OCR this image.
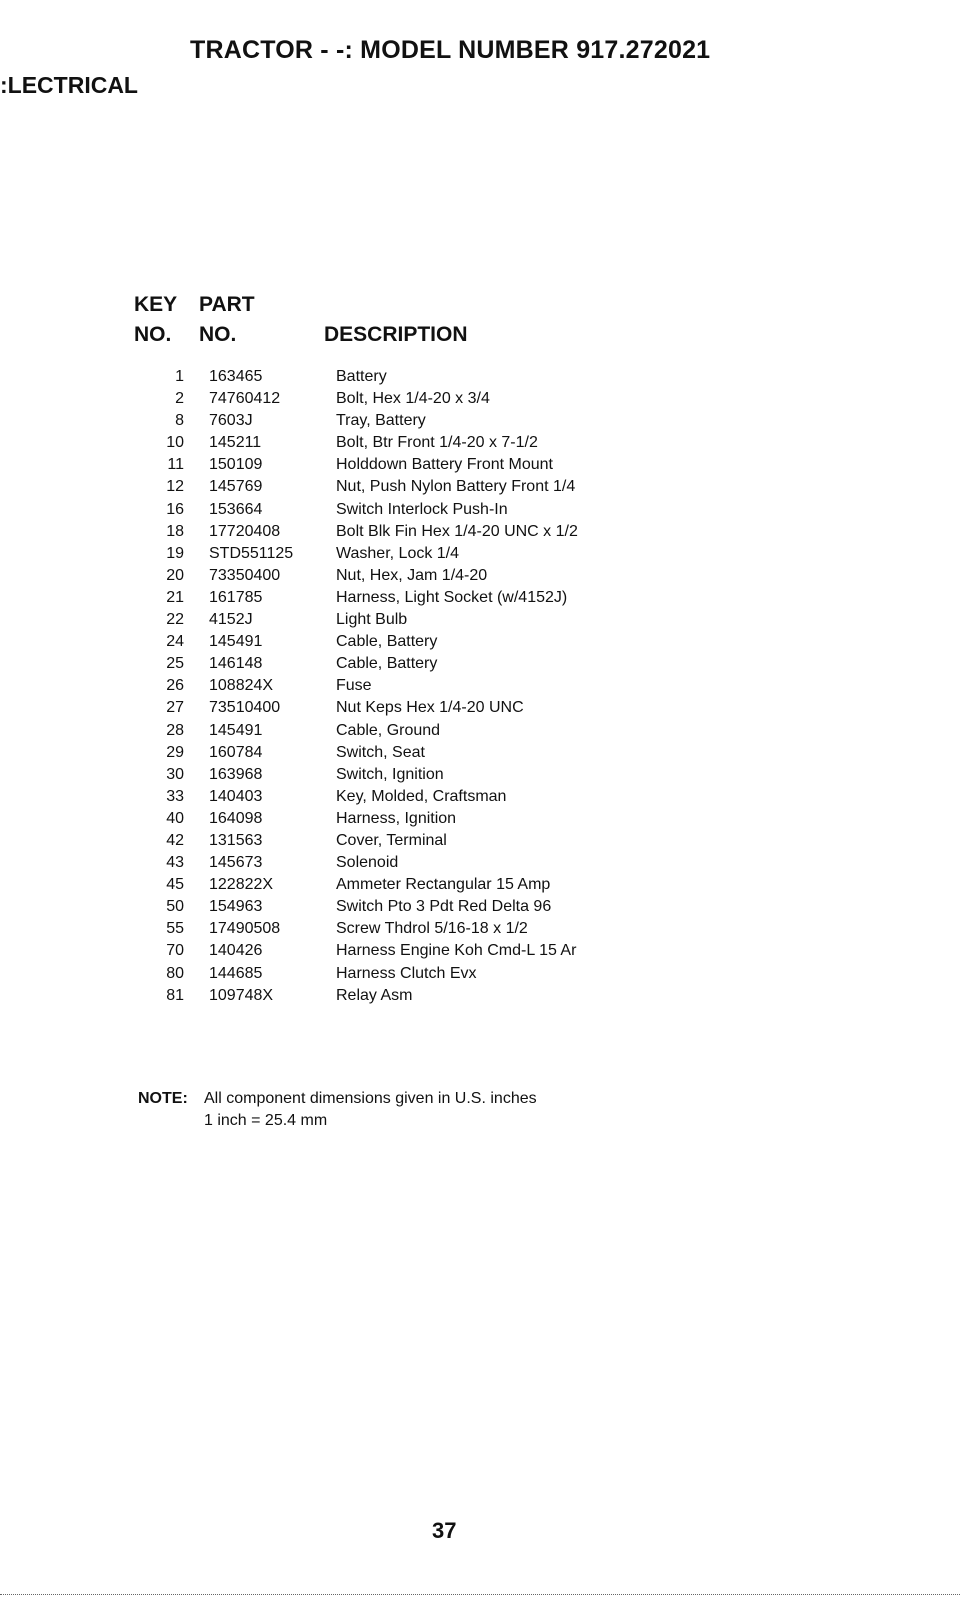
TRACTOR - -: MODEL NUMBER 917.272021
:LECTRICAL
KEY
NO.
PART
NO.	DESCRIPTION
1 163465	Battery
2 74760412	Bolt, Hex 1/4-20 x 3/4
8 7603J	Tray, Battery
10 145211	Bolt, Btr Front 1/4-20 x 7-1/2
11 150109	Holddown Battery Front Mount
12 145769	Nut, Push Nylon Battery Front 1/4
16 153664	Switch Interlock Push-In
18 17720408	Bolt Blk Fin Hex 1/4-20 UNC x 1/2
19 STD551125	Washer, Lock 1/4
20 73350400	Nut, Hex, Jam 1/4-20
21 161785	Harness, Light Socket (w/4152J)
22 4152J	Light Bulb
24 145491	Cable, Battery
25 146148	Cable, Battery
26 108824X	Fuse
27 73510400	Nut Keps Hex 1/4-20 UNC
28 145491	Cable, Ground
29 160784	Switch, Seat
30 163968	Switch, Ignition
33 140403	Key, Molded, Craftsman
40 164098	Harness, Ignition
42 131563	Cover, Terminal
43 145673	Solenoid
45 122822X	Ammeter Rectangular 15 Amp
50 154963	Switch Pto 3 Pdt Red Delta 96
55 17490508	Screw Thdrol 5/16-18 x 1/2
70 140426	Harness Engine Koh Cmd-L 15 Ar
80 144685	Harness Clutch Evx
81 109748X	Relay Asm
NOTE: All component dimensions given in U.S. inches
1 inch = 25.4 mm
37
